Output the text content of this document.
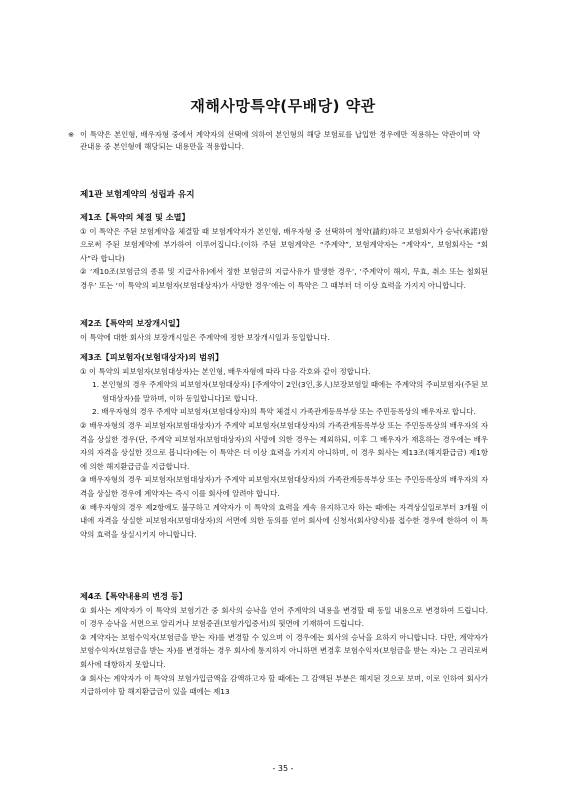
재해사망특약(무배당) 약관
※ 이 특약은 본인형, 배우자형 중에서 계약자의 선택에 의하여 본인형의 해당 보험료를 납입한 경우에만 적용하는 약관이며 약관내용 중 본인형에 해당되는 내용만을 적용합니다.
제1관 보험계약의 성립과 유지
제1조【특약의 체결 및 소멸】

① 이 특약은 주된 보험계약을 체결할 때 보험계약자가 본인형, 배우자형 중 선택하여 청약(請約)하고 보험회사가 승낙(承諾)함으로써 주된 보험계약에 부가하여 이루어집니다.(이하 주된 보험계약은 “주계약”, 보험계약자는 “계약자”, 보험회사는 “회사”라 합니다)

② ‘제10조(보험금의 종류 및 지급사유)에서 정한 보험금의 지급사유가 발생한 경우’, ‘주계약이 해지, 무효, 취소 또는 철회된 경우’ 또는 ‘이 특약의 피보험자(보험대상자)가 사망한 경우’에는 이 특약은 그 때부터 더 이상 효력을 가지지 아니합니다.

제2조【특약의 보장개시일】

이 특약에 대한 회사의 보장개시일은 주계약에 정한 보장개시일과 동일합니다.

제3조【피보험자(보험대상자)의 범위】

① 이 특약의 피보험자(보험대상자)는 본인형, 배우자형에 따라 다음 각호와 같이 정합니다.

1. 본인형의 경우 주계약의 피보험자(보험대상자) [주계약이 2인(3인,多人)보장보험일 때에는 주계약의 주피보험자(주된 보험대상자)를 말하며, 이하 동일합니다]로 합니다.

2. 배우자형의 경우 주계약 피보험자(보험대상자)의 특약 체결시 가족관계등록부상 또는 주민등록상의 배우자로 합니다.

② 배우자형의 경우 피보험자(보험대상자)가 주계약 피보험자(보험대상자)의 가족관계등록부상 또는 주민등록상의 배우자의 자격을 상실한 경우(단, 주계약 피보험자(보험대상자)의 사망에 의한 경우는 제외하되, 이후 그 배우자가 재혼하는 경우에는 배우자의 자격을 상실한 것으로 봅니다)에는 이 특약은 더 이상 효력을 가지지 아니하며, 이 경우 회사는 제13조(해지환급금) 제1항에 의한 해지환급금을 지급합니다.

③ 배우자형의 경우 피보험자(보험대상자)가 주계약 피보험자(보험대상자)의 가족관계등록부상 또는 주민등록상의 배우자의 자격을 상실한 경우에 계약자는 즉시 이를 회사에 알려야 합니다.

④ 배우자형의 경우 제2항에도 불구하고 계약자가 이 특약의 효력을 계속 유지하고자 하는 때에는 자격상실일로부터 3개월 이내에 자격을 상실한 피보험자(보험대상자)의 서면에 의한 동의를 얻어 회사에 신청서(회사양식)를 접수한 경우에 한하여 이 특약의 효력을 상실시키지 아니합니다.

제4조【특약내용의 변경 등】

① 회사는 계약자가 이 특약의 보험기간 중 회사의 승낙을 얻어 주계약의 내용을 변경할 때 동일 내용으로 변경하여 드립니다. 이 경우 승낙을 서면으로 알리거나 보험증권(보험가입증서)의 뒷면에 기재하여 드립니다.

② 계약자는 보험수익자(보험금을 받는 자)를 변경할 수 있으며 이 경우에는 회사의 승낙을 요하지 아니합니다. 다만, 계약자가 보험수익자(보험금을 받는 자)를 변경하는 경우 회사에 통지하지 아니하면 변경후 보험수익자(보험금을 받는 자)는 그 권리로써 회사에 대항하지 못합니다.

③ 회사는 계약자가 이 특약의 보험가입금액을 감액하고자 할 때에는 그 감액된 부분은 해지된 것으로 보며, 이로 인하여 회사가 지급하여야 할 해지환급금이 있을 때에는 제13

- 35 -
